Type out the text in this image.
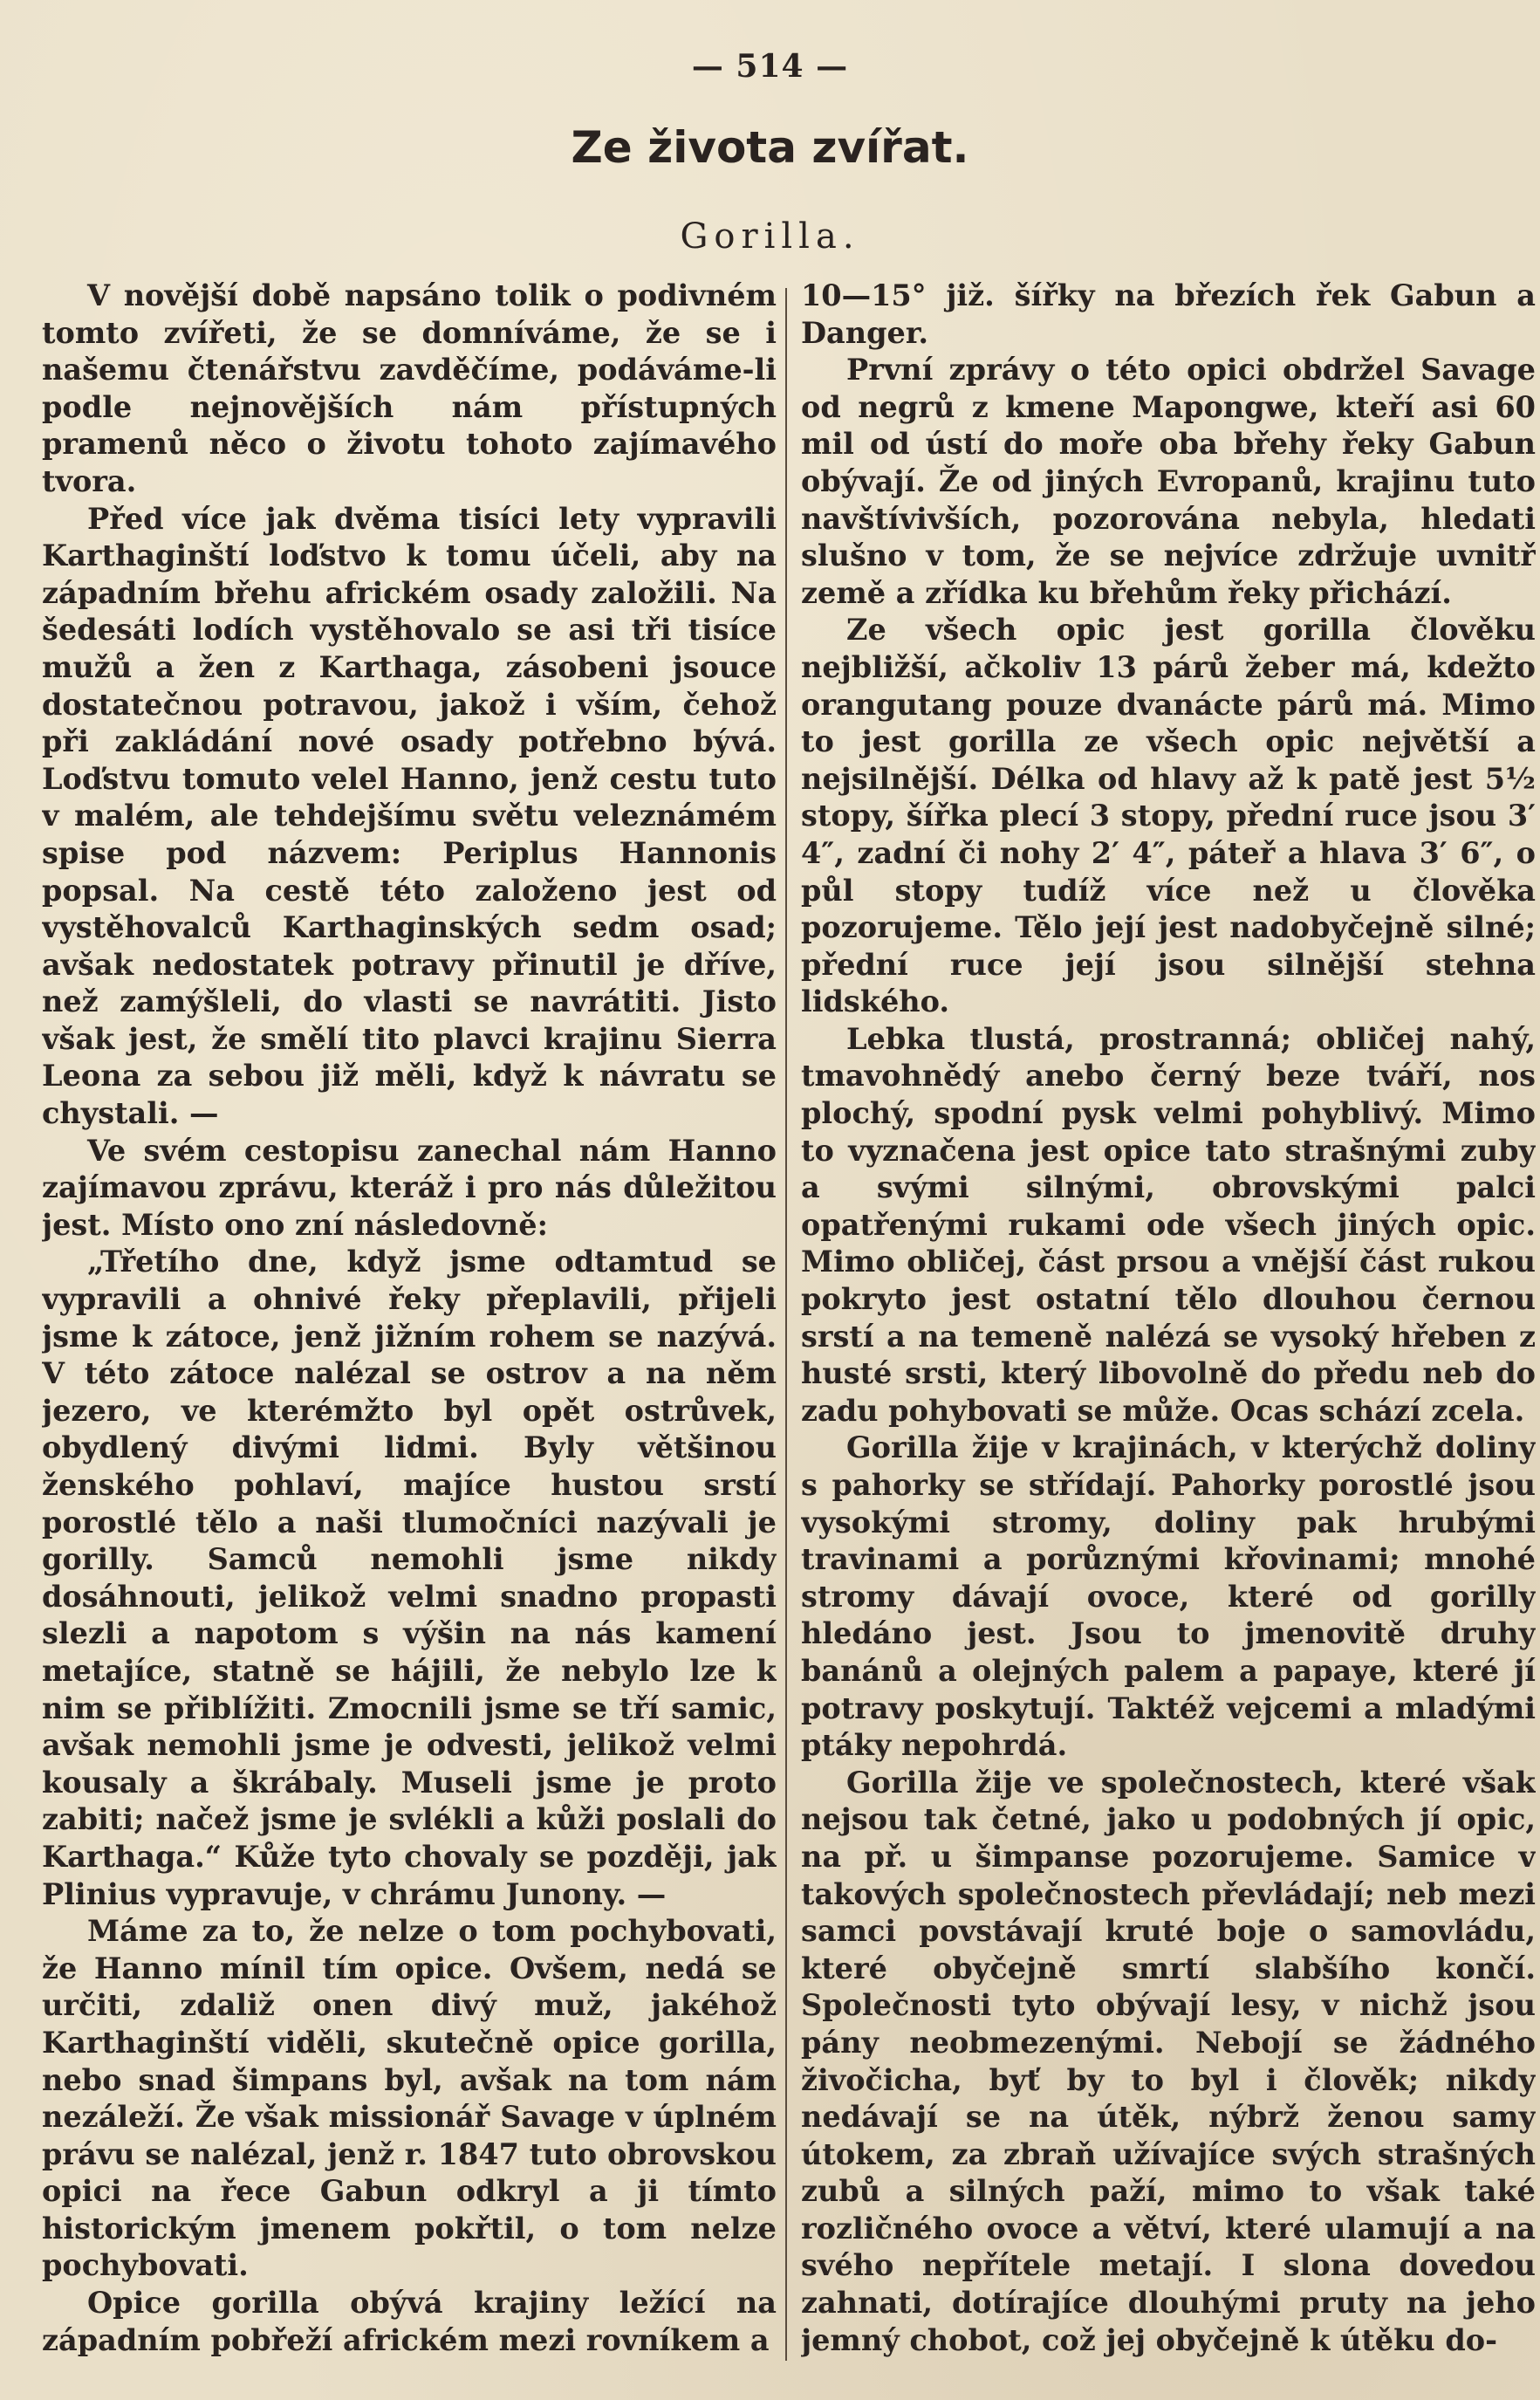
— 514 —
Ze života zvířat.
Gorilla.

V novější době napsáno tolik o podivném tomto zvířeti, že se domníváme, že se i našemu čtenářstvu zavděčíme, podáváme-li podle nejnovějších nám přístupných pramenů něco o životu tohoto zajímavého tvora.

Před více jak dvěma tisíci lety vypravili Karthaginští loďstvo k tomu účeli, aby na západním břehu africkém osady založili. Na šedesáti lodích vystěhovalo se asi tři tisíce mužů a žen z Karthaga, zásobeni jsouce dostatečnou potravou, jakož i vším, čehož při zakládání nové osady potřebno bývá. Loďstvu tomuto velel Hanno, jenž cestu tuto v malém, ale tehdejšímu světu veleznámém spise pod názvem: Periplus Hannonis popsal. Na cestě této založeno jest od vystěhovalců Karthaginských sedm osad; avšak nedostatek potravy přinutil je dříve, než zamýšleli, do vlasti se navrátiti. Jisto však jest, že smělí tito plavci krajinu Sierra Leona za sebou již měli, když k návratu se chystali. —

Ve svém cestopisu zanechal nám Hanno zajímavou zprávu, kteráž i pro nás důležitou jest. Místo ono zní následovně:

„Třetího dne, když jsme odtamtud se vypravili a ohnivé řeky přeplavili, přijeli jsme k zátoce, jenž jižním rohem se nazývá. V této zátoce nalézal se ostrov a na něm jezero, ve kterémžto byl opět ostrůvek, obydlený divými lidmi. Byly většinou ženského pohlaví, majíce hustou srstí porostlé tělo a naši tlumočníci nazývali je gorilly. Samců nemohli jsme nikdy dosáhnouti, jelikož velmi snadno propasti slezli a napotom s výšin na nás kamení metajíce, statně se hájili, že nebylo lze k nim se přiblížiti. Zmocnili jsme se tří samic, avšak nemohli jsme je odvesti, jelikož velmi kousaly a škrábaly. Museli jsme je proto zabiti; načež jsme je svlékli a kůži poslali do Karthaga.“ Kůže tyto chovaly se později, jak Plinius vypravuje, v chrámu Junony. —

Máme za to, že nelze o tom pochybovati, že Hanno mínil tím opice. Ovšem, nedá se určiti, zdaliž onen divý muž, jakéhož Karthaginští viděli, skutečně opice gorilla, nebo snad šimpans byl, avšak na tom nám nezáleží. Že však missionář Savage v úplném právu se nalézal, jenž r. 1847 tuto obrovskou opici na řece Gabun odkryl a ji tímto historickým jmenem pokřtil, o tom nelze pochybovati.

Opice gorilla obývá krajiny ležící na západním pobřeží africkém mezi rovníkem a

10—15° již. šířky na březích řek Gabun a Danger.

První zprávy o této opici obdržel Savage od negrů z kmene Mapongwe, kteří asi 60 mil od ústí do moře oba břehy řeky Gabun obývají. Že od jiných Evropanů, krajinu tuto navštívivších, pozorována nebyla, hledati slušno v tom, že se nejvíce zdržuje uvnitř země a zřídka ku břehům řeky přichází.

Ze všech opic jest gorilla člověku nejbližší, ačkoliv 13 párů žeber má, kdežto orangutang pouze dvanácte párů má. Mimo to jest gorilla ze všech opic největší a nejsilnější. Délka od hlavy až k patě jest 5½ stopy, šířka plecí 3 stopy, přední ruce jsou 3′ 4″, zadní či nohy 2′ 4″, páteř a hlava 3′ 6″, o půl stopy tudíž více než u člověka pozorujeme. Tělo její jest nadobyčejně silné; přední ruce její jsou silnější stehna lidského.

Lebka tlustá, prostranná; obličej nahý, tmavohnědý anebo černý beze tváří, nos plochý, spodní pysk velmi pohyblivý. Mimo to vyznačena jest opice tato strašnými zuby a svými silnými, obrovskými palci opatřenými rukami ode všech jiných opic. Mimo obličej, část prsou a vnější část rukou pokryto jest ostatní tělo dlouhou černou srstí a na temeně nalézá se vysoký hřeben z husté srsti, který libovolně do předu neb do zadu pohybovati se může. Ocas schází zcela.

Gorilla žije v krajinách, v kterýchž doliny s pahorky se střídají. Pahorky porostlé jsou vysokými stromy, doliny pak hrubými travinami a porůznými křovinami; mnohé stromy dávají ovoce, které od gorilly hledáno jest. Jsou to jmenovitě druhy banánů a olejných palem a papaye, které jí potravy poskytují. Taktéž vejcemi a mladými ptáky nepohrdá.

Gorilla žije ve společnostech, které však nejsou tak četné, jako u podobných jí opic, na př. u šimpanse pozorujeme. Samice v takových společnostech převládají; neb mezi samci povstávají kruté boje o samovládu, které obyčejně smrtí slabšího končí. Společnosti tyto obývají lesy, v nichž jsou pány neobmezenými. Nebojí se žádného živočicha, byť by to byl i člověk; nikdy nedávají se na útěk, nýbrž ženou samy útokem, za zbraň užívajíce svých strašných zubů a silných paží, mimo to však také rozličného ovoce a větví, které ulamují a na svého nepřítele metají. I slona dovedou zahnati, dotírajíce dlouhými pruty na jeho jemný chobot, což jej obyčejně k útěku do-
